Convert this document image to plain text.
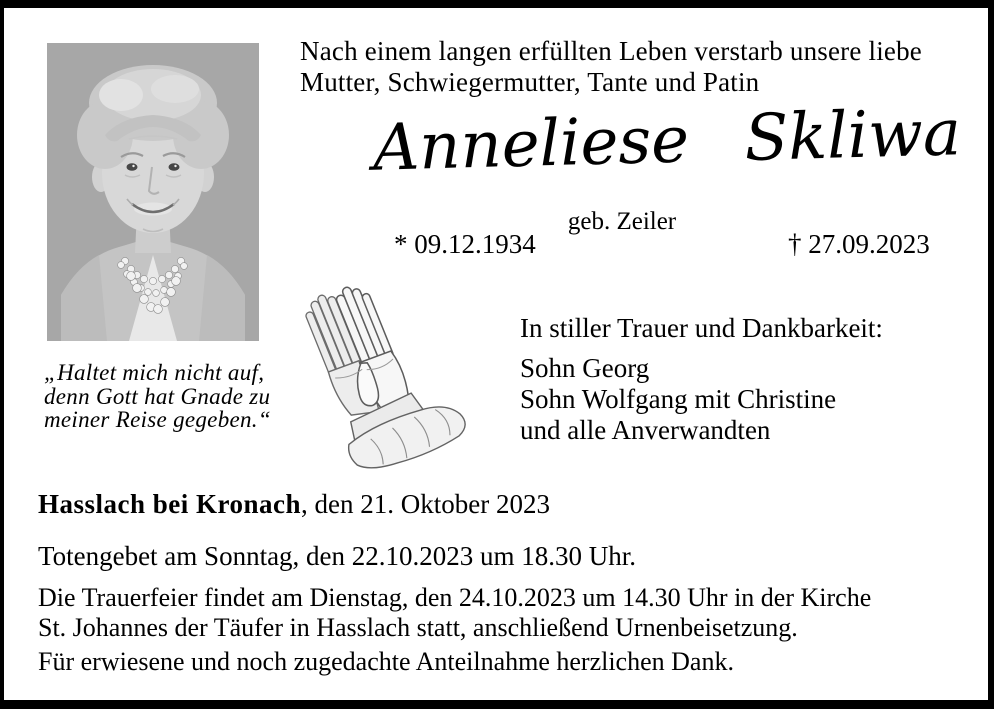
Nach einem langen erfüllten Leben verstarb unsere liebe
Mutter, Schwiegermutter, Tante und Patin
Anneliese Skliwa
geb. Zeiler
* 09.12.1934	† 27.09.2023
„Haltet mich nicht auf,
denn Gott hat Gnade zu
meiner Reise gegeben.“
In stiller Trauer und Dankbarkeit:
Sohn Georg
Sohn Wolfgang mit Christine
und alle Anverwandten
Hasslach bei Kronach, den 21. Oktober 2023
Totengebet am Sonntag, den 22.10.2023 um 18.30 Uhr.
Die Trauerfeier findet am Dienstag, den 24.10.2023 um 14.30 Uhr in der Kirche
St. Johannes der Täufer in Hasslach statt, anschließend Urnenbeisetzung.
Für erwiesene und noch zugedachte Anteilnahme herzlichen Dank.
